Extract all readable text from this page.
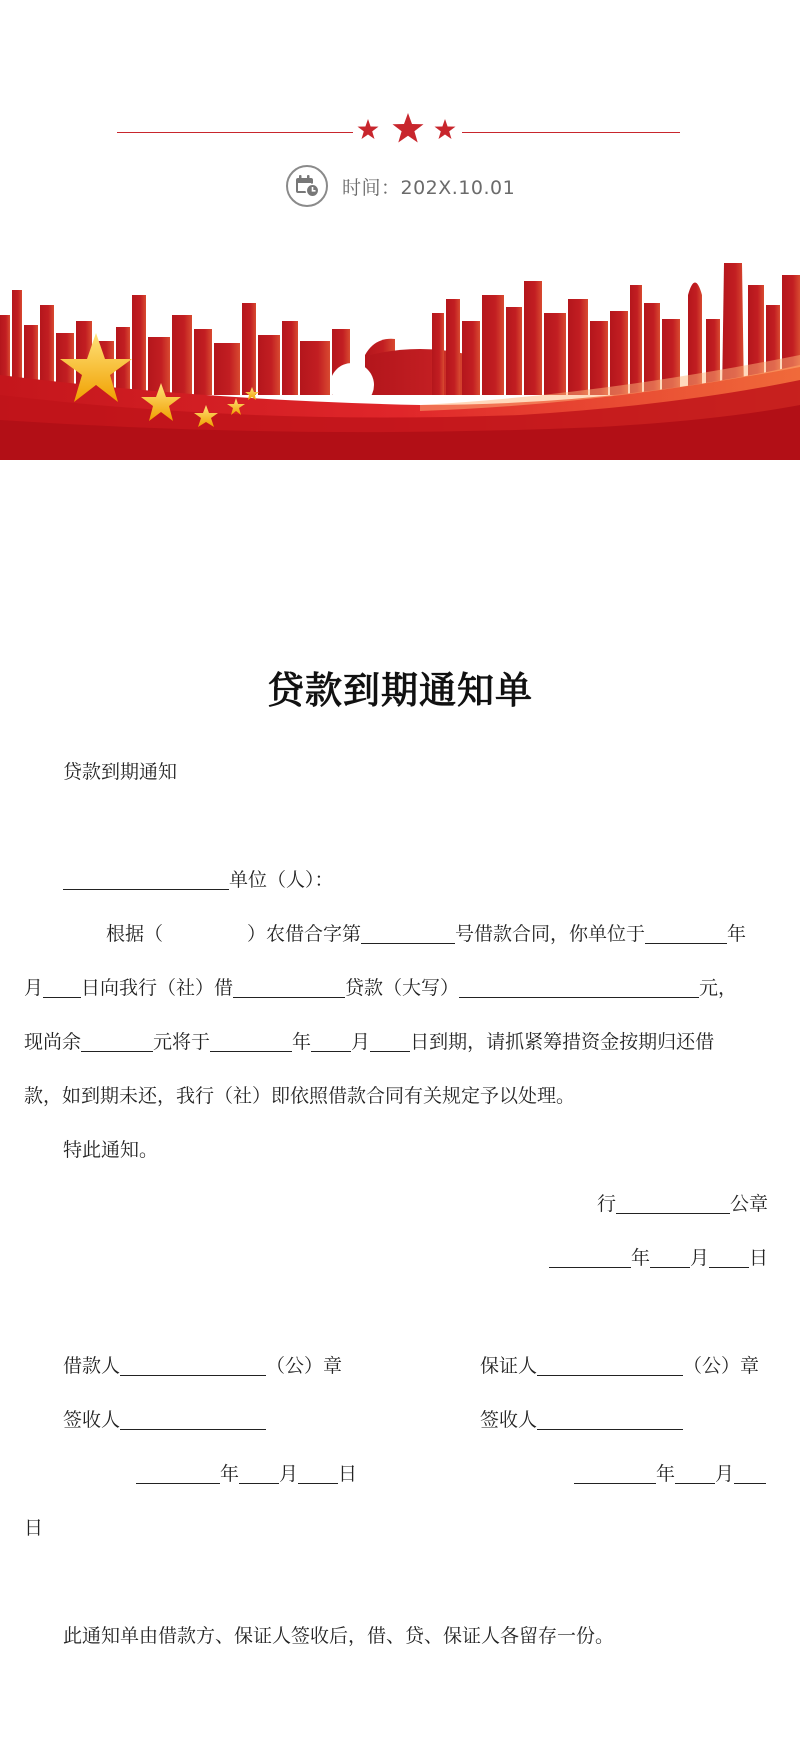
时间：202X.10.01
贷款到期通知单
贷款到期通知
单位（人）：
根据（	）农借合字第	号借款合同，你单位于	年
月 日向我行（社）借	贷款（大写）	元，
现尚余	元将于	年 月 日到期，请抓紧筹措资金按期归还借
款，如到期未还，我行（社）即依照借款合同有关规定予以处理。
特此通知。
行	公章
年 月 日
借款人	（公）章	保证人	（公）章
签收人	签收人
年 月 日	年 月
日
此通知单由借款方、保证人签收后，借、贷、保证人各留存一份。
